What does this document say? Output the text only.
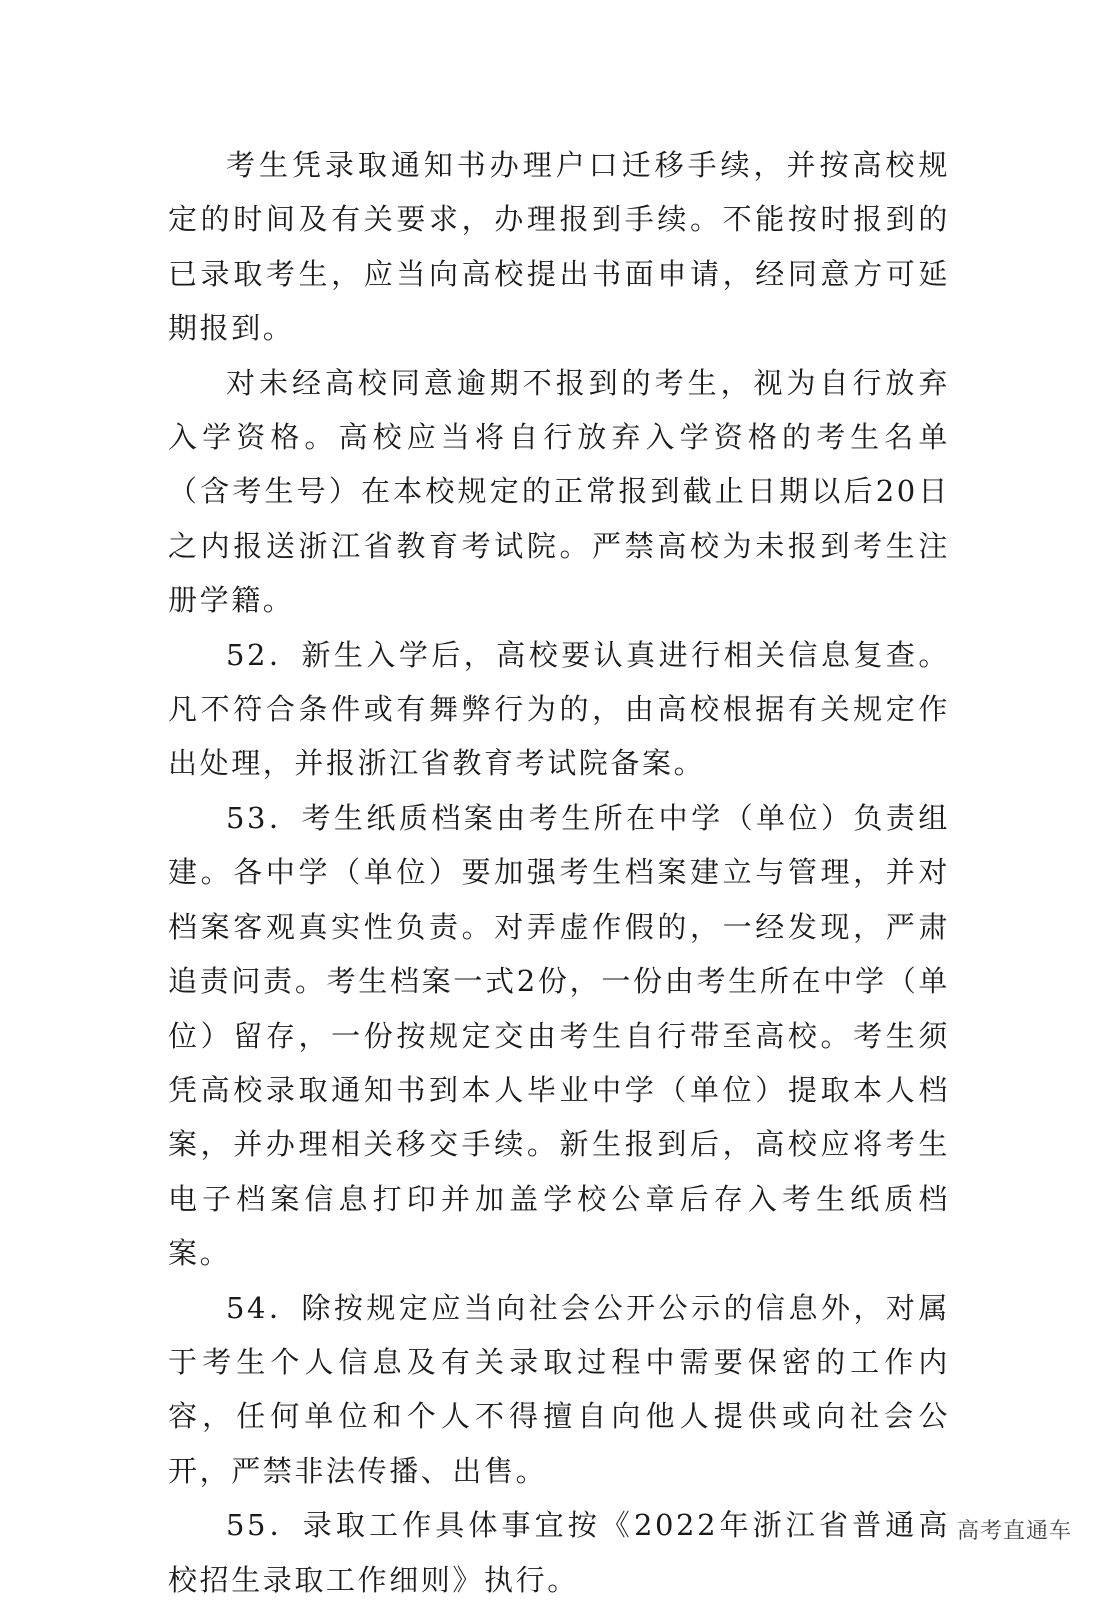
考生凭录取通知书办理户口迁移手续，并按高校规定的时间及有关要求，办理报到手续。不能按时报到的已录取考生，应当向高校提出书面申请，经同意方可延期报到。

对未经高校同意逾期不报到的考生，视为自行放弃入学资格。高校应当将自行放弃入学资格的考生名单（含考生号）在本校规定的正常报到截止日期以后20日之内报送浙江省教育考试院。严禁高校为未报到考生注册学籍。

52．新生入学后，高校要认真进行相关信息复查。凡不符合条件或有舞弊行为的，由高校根据有关规定作出处理，并报浙江省教育考试院备案。

53．考生纸质档案由考生所在中学（单位）负责组建。各中学（单位）要加强考生档案建立与管理，并对档案客观真实性负责。对弄虚作假的，一经发现，严肃追责问责。考生档案一式2份，一份由考生所在中学（单位）留存，一份按规定交由考生自行带至高校。考生须凭高校录取通知书到本人毕业中学（单位）提取本人档案，并办理相关移交手续。新生报到后，高校应将考生电子档案信息打印并加盖学校公章后存入考生纸质档案。

54．除按规定应当向社会公开公示的信息外，对属于考生个人信息及有关录取过程中需要保密的工作内容，任何单位和个人不得擅自向他人提供或向社会公开，严禁非法传播、出售。

55．录取工作具体事宜按《2022年浙江省普通高校招生录取工作细则》执行。

高考直通车
